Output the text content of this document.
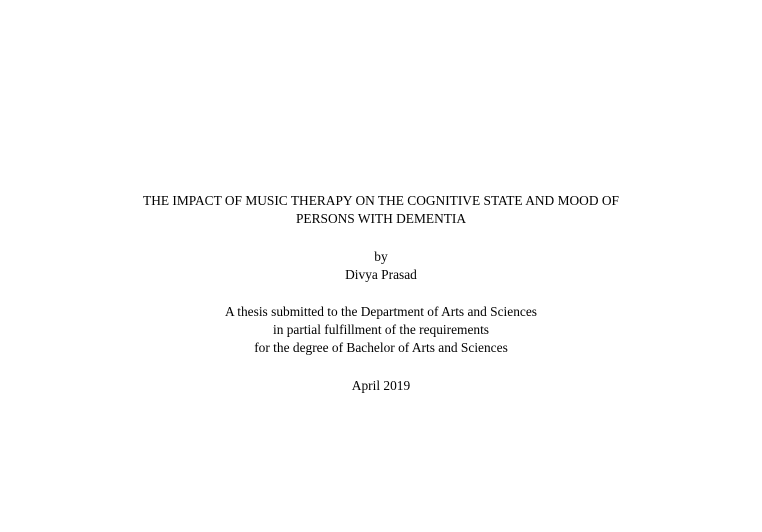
THE IMPACT OF MUSIC THERAPY ON THE COGNITIVE STATE AND MOOD OF
PERSONS WITH DEMENTIA
by
Divya Prasad
A thesis submitted to the Department of Arts and Sciences
in partial fulfillment of the requirements
for the degree of Bachelor of Arts and Sciences
April 2019
